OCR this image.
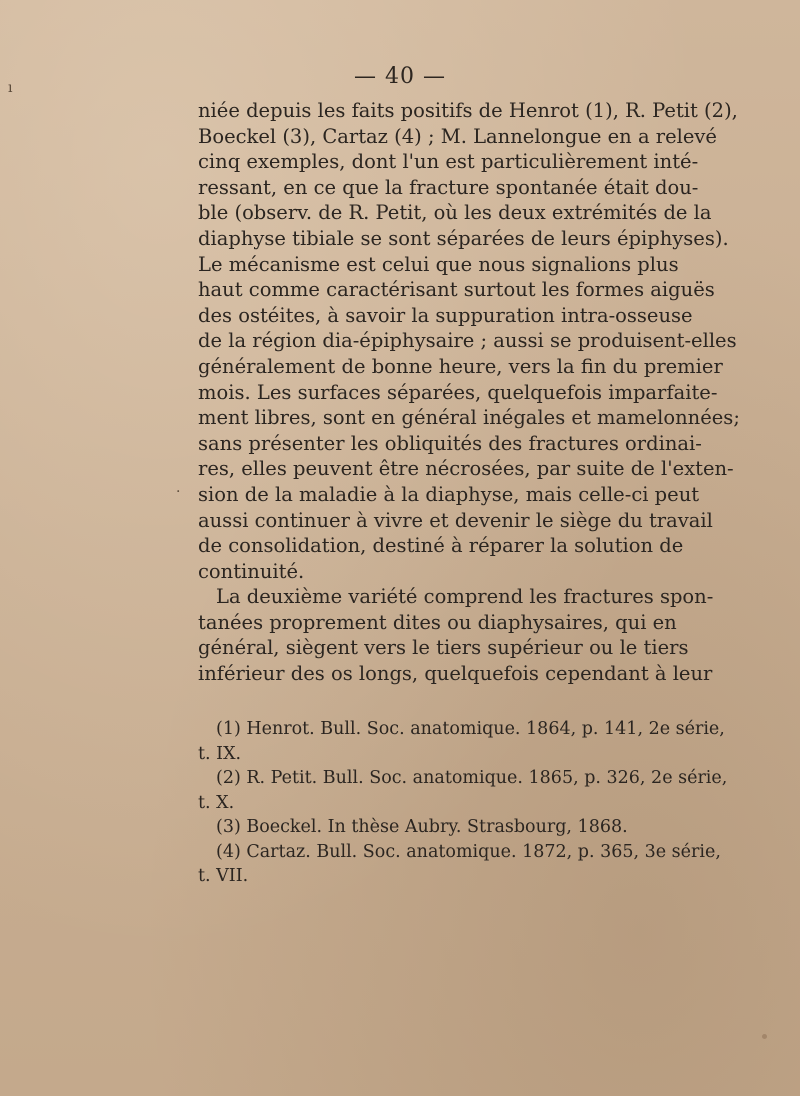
ı
·
— 40 —
niée depuis les faits positifs de Henrot (1), R. Petit (2),
Boeckel (3), Cartaz (4) ; M. Lannelongue en a relevé
cinq exemples, dont l'un est particulièrement inté-
ressant, en ce que la fracture spontanée était dou-
ble (observ. de R. Petit, où les deux extrémités de la
diaphyse tibiale se sont séparées de leurs épiphyses).
Le mécanisme est celui que nous signalions plus
haut comme caractérisant surtout les formes aiguës
des ostéites, à savoir la suppuration intra-osseuse
de la région dia-épiphysaire ; aussi se produisent-elles
généralement de bonne heure, vers la fin du premier
mois. Les surfaces séparées, quelquefois imparfaite-
ment libres, sont en général inégales et mamelonnées;
sans présenter les obliquités des fractures ordinai-
res, elles peuvent être nécrosées, par suite de l'exten-
sion de la maladie à la diaphyse, mais celle-ci peut
aussi continuer à vivre et devenir le siège du travail
de consolidation, destiné à réparer la solution de
continuité.
La deuxième variété comprend les fractures spon-
tanées proprement dites ou diaphysaires, qui en
général, siègent vers le tiers supérieur ou le tiers
inférieur des os longs, quelquefois cependant à leur
(1) Henrot. Bull. Soc. anatomique. 1864, p. 141, 2e série,
t. IX.
(2) R. Petit. Bull. Soc. anatomique. 1865, p. 326, 2e série,
t. X.
(3) Boeckel. In thèse Aubry. Strasbourg, 1868.
(4) Cartaz. Bull. Soc. anatomique. 1872, p. 365, 3e série,
t. VII.
